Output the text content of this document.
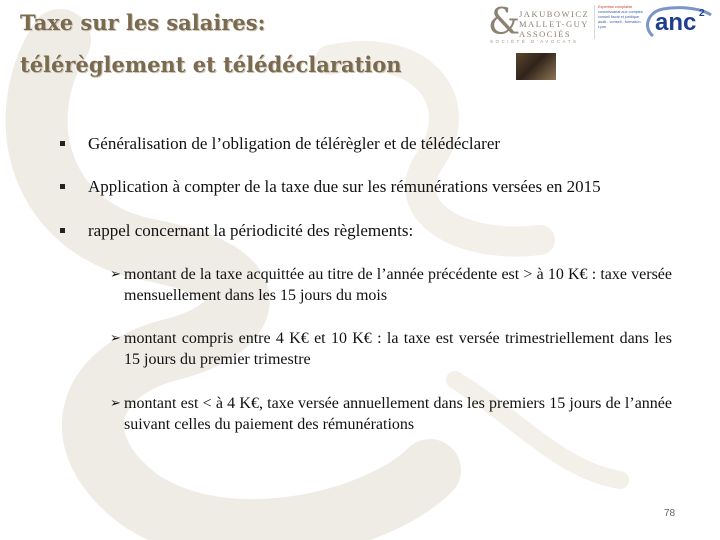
Taxe sur les salaires:
télérèglement et télédéclaration
&
JAKUBOWICZ
MALLET-GUY
ASSOCIÉS
SOCIÉTÉ D'AVOCATS
Expertise comptable
commissariat aux comptes
conseil fiscal et juridique
audit - conseil - formation
Lyon	anc 2
Généralisation de l’obligation de télérègler et de télédéclarer
Application à compter de la taxe due sur les rémunérations versées en 2015
rappel concernant la périodicité des règlements:
➢ montant de la taxe acquittée au titre de l’année précédente est > à 10 K€ : taxe versée mensuellement dans les 15 jours du mois
➢ montant compris entre 4 K€ et 10 K€ : la taxe est versée trimestriellement dans les 15 jours du premier trimestre
➢ montant est < à 4 K€, taxe versée annuellement dans les premiers 15 jours de l’année suivant celles du paiement des rémunérations
78
